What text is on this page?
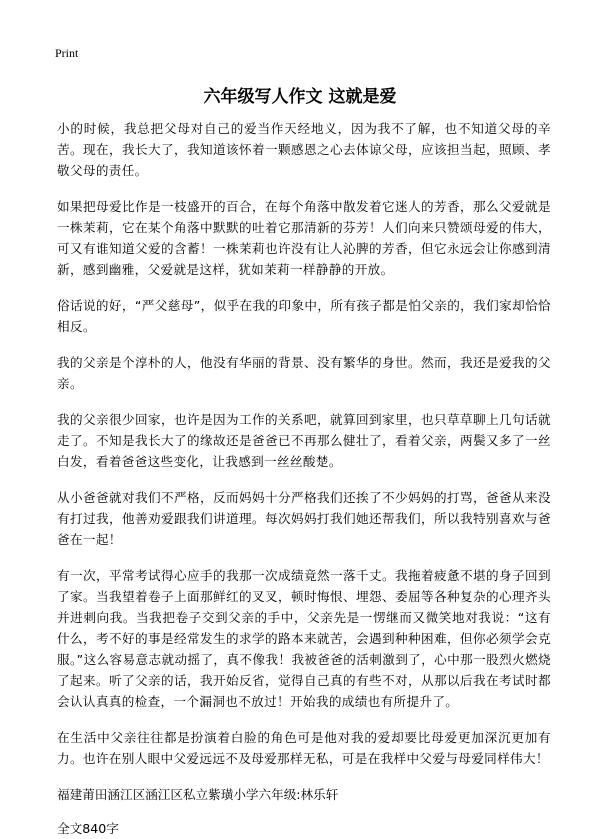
Print
六年级写人作文 这就是爱

小的时候，我总把父母对自己的爱当作天经地义，因为我不了解，也不知道父母的辛苦。现在，我长大了，我知道该怀着一颗感恩之心去体谅父母，应该担当起，照顾、孝敬父母的责任。

如果把母爱比作是一枝盛开的百合，在每个角落中散发着它迷人的芳香，那么父爱就是一株茉莉，它在某个角落中默默的吐着它那清新的芬芳！人们向来只赞颂母爱的伟大，可又有谁知道父爱的含蓄！一株茉莉也许没有让人沁脾的芳香，但它永远会让你感到清新，感到幽雅，父爱就是这样，犹如茉莉一样静静的开放。

俗话说的好，“严父慈母”，似乎在我的印象中，所有孩子都是怕父亲的，我们家却恰恰相反。

我的父亲是个淳朴的人，他没有华丽的背景、没有繁华的身世。然而，我还是爱我的父亲。

我的父亲很少回家，也许是因为工作的关系吧，就算回到家里，也只草草聊上几句话就走了。不知是我长大了的缘故还是爸爸已不再那么健壮了，看着父亲，两鬓又多了一丝白发，看着爸爸这些变化，让我感到一丝丝酸楚。

从小爸爸就对我们不严格，反而妈妈十分严格我们还挨了不少妈妈的打骂，爸爸从来没有打过我，他善劝爱跟我们讲道理。每次妈妈打我们她还帮我们，所以我特别喜欢与爸爸在一起！

有一次，平常考试得心应手的我那一次成绩竟然一落千丈。我拖着疲惫不堪的身子回到了家。当我望着卷子上面那鲜红的叉叉，顿时悔恨、埋怨、委屈等各种复杂的心理齐头并进刺向我。当我把卷子交到父亲的手中，父亲先是一愣继而又微笑地对我说：“这有什么，考不好的事是经常发生的求学的路本来就苦，会遇到种种困难，但你必须学会克服。”这么容易意志就动摇了，真不像我！我被爸爸的活刺激到了，心中那一股烈火燃烧了起来。听了父亲的话，我开始反省，觉得自己真的有些不对，从那以后我在考试时都会认认真真的检查，一个漏洞也不放过！开始我的成绩也有所提升了。

在生活中父亲往往都是扮演着白脸的角色可是他对我的爱却要比母爱更加深沉更加有力。也许在别人眼中父爱远远不及母爱那样无私，可是在我样中父爱与母爱同样伟大！

福建莆田涵江区涵江区私立紫璜小学六年级:林乐轩

全文840字
